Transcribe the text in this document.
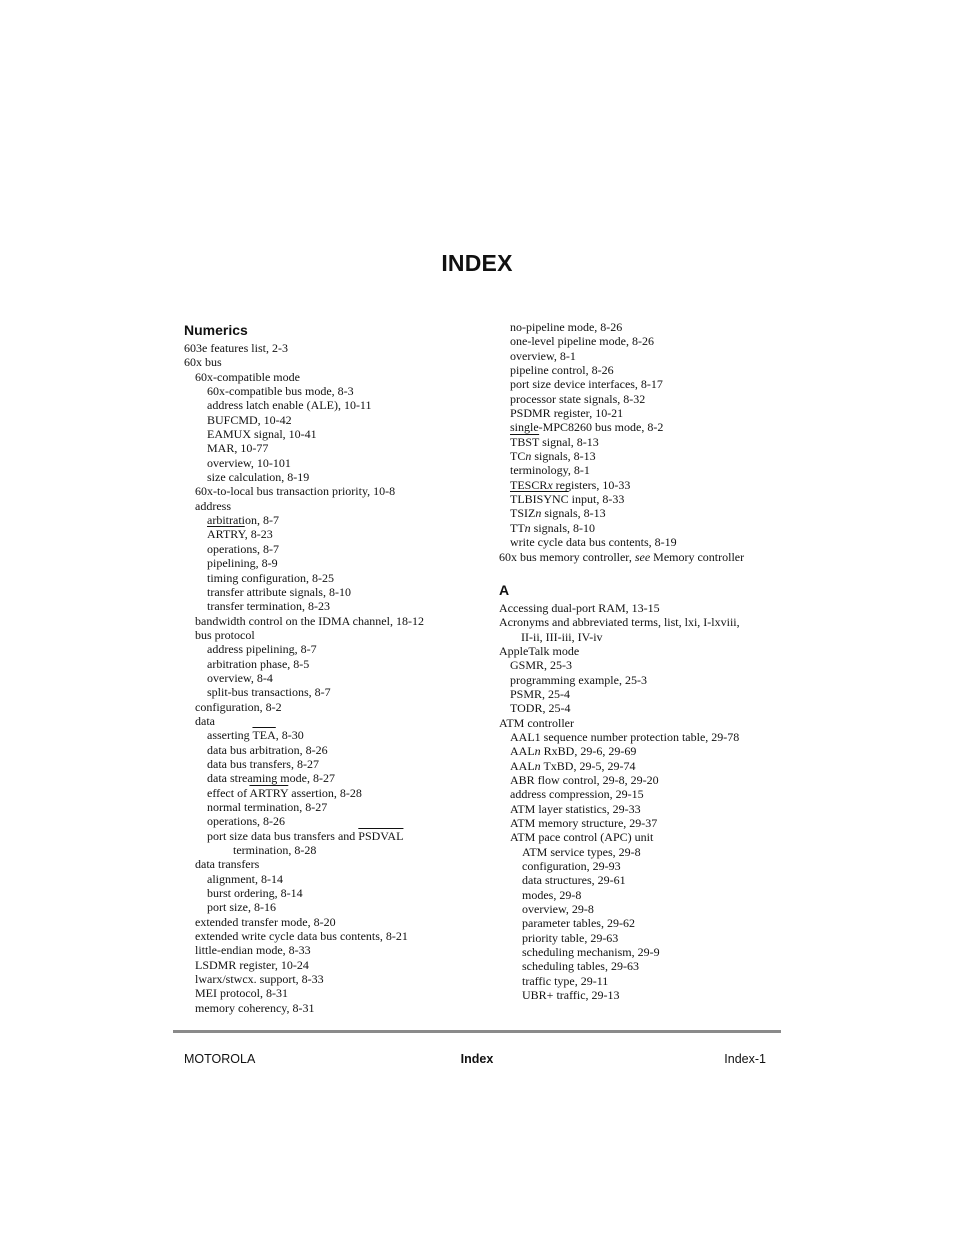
INDEX
Numerics
603e features list, 2-3
60x bus
60x-compatible mode
60x-compatible bus mode, 8-3
address latch enable (ALE), 10-11
BUFCMD, 10-42
EAMUX signal, 10-41
MAR, 10-77
overview, 10-101
size calculation, 8-19
60x-to-local bus transaction priority, 10-8
address
arbitration, 8-7
ARTRY, 8-23
operations, 8-7
pipelining, 8-9
timing configuration, 8-25
transfer attribute signals, 8-10
transfer termination, 8-23
bandwidth control on the IDMA channel, 18-12
bus protocol
address pipelining, 8-7
arbitration phase, 8-5
overview, 8-4
split-bus transactions, 8-7
configuration, 8-2
data
asserting $\overline{TEA}$, 8-30
data bus arbitration, 8-26
data bus transfers, 8-27
data streaming mode, 8-27
effect of ARTRY assertion, 8-28
normal termination, 8-27
operations, 8-26
port size data bus transfers and PSDVAL
termination, 8-28
data transfers
alignment, 8-14
burst ordering, 8-14
port size, 8-16
extended transfer mode, 8-20
extended write cycle data bus contents, 8-21
little-endian mode, 8-33
LSDMR register, 10-24
lwarx/stwcx. support, 8-33
MEI protocol, 8-31
memory coherency, 8-31
no-pipeline mode, 8-26
one-level pipeline mode, 8-26
overview, 8-1
pipeline control, 8-26
port size device interfaces, 8-17
processor state signals, 8-32
PSDMR register, 10-21
single-MPC8260 bus mode, 8-2
TBST signal, 8-13
TCn signals, 8-13
terminology, 8-1
TESCRx registers, 10-33
TLBISYNC input, 8-33
TSIZn signals, 8-13
TTn signals, 8-10
write cycle data bus contents, 8-19
60x bus memory controller, see Memory controller
A
Accessing dual-port RAM, 13-15
Acronyms and abbreviated terms, list, lxi, I-lxviii,
II-ii, III-iii, IV-iv
AppleTalk mode
GSMR, 25-3
programming example, 25-3
PSMR, 25-4
TODR, 25-4
ATM controller
AAL1 sequence number protection table, 29-78
AALn RxBD, 29-6, 29-69
AALn TxBD, 29-5, 29-74
ABR flow control, 29-8, 29-20
address compression, 29-15
ATM layer statistics, 29-33
ATM memory structure, 29-37
ATM pace control (APC) unit
ATM service types, 29-8
configuration, 29-93
data structures, 29-61
modes, 29-8
overview, 29-8
parameter tables, 29-62
priority table, 29-63
scheduling mechanism, 29-9
scheduling tables, 29-63
traffic type, 29-11
UBR+ traffic, 29-13
MOTOROLA	Index	Index-1
